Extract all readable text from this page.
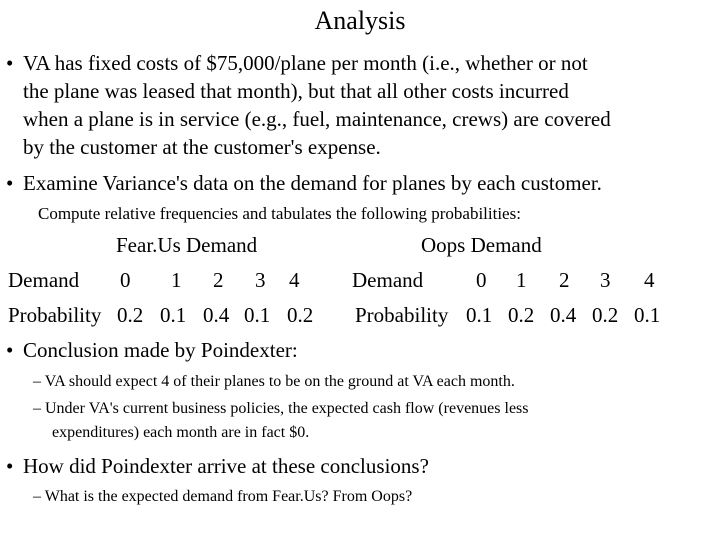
Analysis
• VA has fixed costs of $75,000/plane per month (i.e., whether or not
the plane was leased that month), but that all other costs incurred
when a plane is in service (e.g., fuel, maintenance, crews) are covered
by the customer at the customer's expense.
• Examine Variance's data on the demand for planes by each customer.
Compute relative frequencies and tabulates the following probabilities:
Fear.Us Demand
Demand 0 1 2 3 4
Probability 0.2 0.1 0.4 0.1 0.2
Oops Demand
Demand	0 1 2 3 4
Probability 0.1 0.2 0.4 0.2 0.1
• Conclusion made by Poindexter:
– VA should expect 4 of their planes to be on the ground at VA each month.
– Under VA's current business policies, the expected cash flow (revenues less
expenditures) each month are in fact $0.
• How did Poindexter arrive at these conclusions?
– What is the expected demand from Fear.Us? From Oops?
